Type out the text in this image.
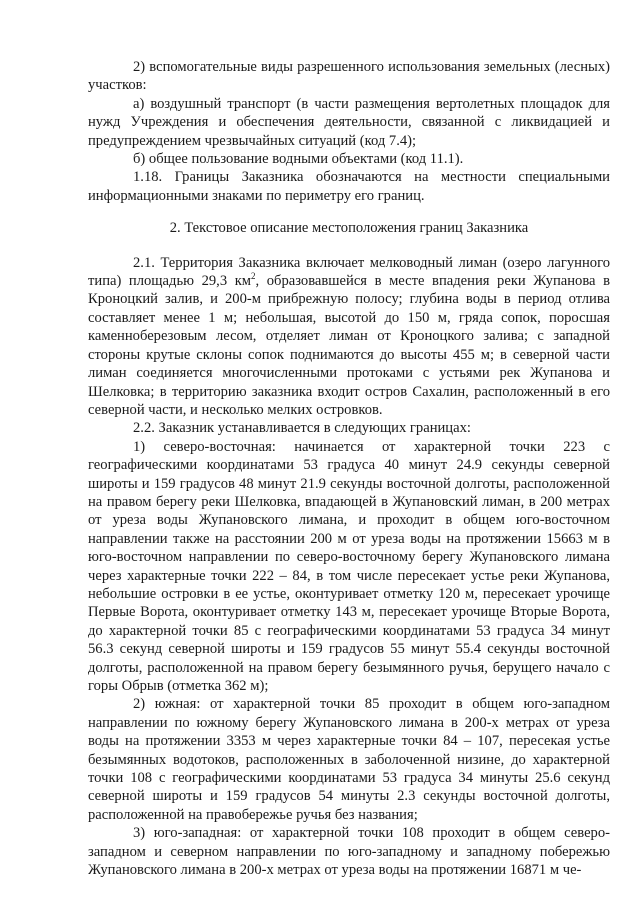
2) вспомогательные виды разрешенного использования земельных (лесных) участков:

а) воздушный транспорт (в части размещения вертолетных площадок для нужд Учреждения и обеспечения деятельности, связанной с ликвидацией и предупреждением чрезвычайных ситуаций (код 7.4);

б) общее пользование водными объектами (код 11.1).

1.18. Границы Заказника обозначаются на местности специальными информационными знаками по периметру его границ.

2. Текстовое описание местоположения границ Заказника

2.1. Территория Заказника включает мелководный лиман (озеро лагунного типа) площадью 29,3 $км^2$, образовавшейся в месте впадения реки Жупанова в Кроноцкий залив, и 200-м прибрежную полосу; глубина воды в период отлива составляет менее 1 м; небольшая, высотой до 150 м, гряда сопок, поросшая каменноберезовым лесом, отделяет лиман от Кроноцкого залива; с западной стороны крутые склоны сопок поднимаются до высоты 455 м; в северной части лиман соединяется многочисленными протоками с устьями рек Жупанова и Шелковка; в территорию заказника входит остров Сахалин, расположенный в его северной части, и несколько мелких островков.

2.2. Заказник устанавливается в следующих границах:

1) северо-восточная: начинается от характерной точки 223 с географическими координатами 53 градуса 40 минут 24.9 секунды северной широты и 159 градусов 48 минут 21.9 секунды восточной долготы, расположенной на правом берегу реки Шелковка, впадающей в Жупановский лиман, в 200 метрах от уреза воды Жупановского лимана, и проходит в общем юго-восточном направлении также на расстоянии 200 м от уреза воды на протяжении 15663 м в юго-восточном направлении по северо-восточному берегу Жупановского лимана через характерные точки 222 – 84, в том числе пересекает устье реки Жупанова, небольшие островки в ее устье, оконтуривает отметку 120 м, пересекает урочище Первые Ворота, оконтуривает отметку 143 м, пересекает урочище Вторые Ворота, до характерной точки 85 с географическими координатами 53 градуса 34 минут 56.3 секунд северной широты и 159 градусов 55 минут 55.4 секунды восточной долготы, расположенной на правом берегу безымянного ручья, берущего начало с горы Обрыв (отметка 362 м);

2) южная: от характерной точки 85 проходит в общем юго-западном направлении по южному берегу Жупановского лимана в 200-х метрах от уреза воды на протяжении 3353 м через характерные точки 84 – 107, пересекая устье безымянных водотоков, расположенных в заболоченной низине, до характерной точки 108 с географическими координатами 53 градуса 34 минуты 25.6 секунд северной широты и 159 градусов 54 минуты 2.3 секунды восточной долготы, расположенной на правобережье ручья без названия;

3) юго-западная: от характерной точки 108 проходит в общем северо-западном и северном направлении по юго-западному и западному побережью Жупановского лимана в 200-х метрах от уреза воды на протяжении 16871 м че-
